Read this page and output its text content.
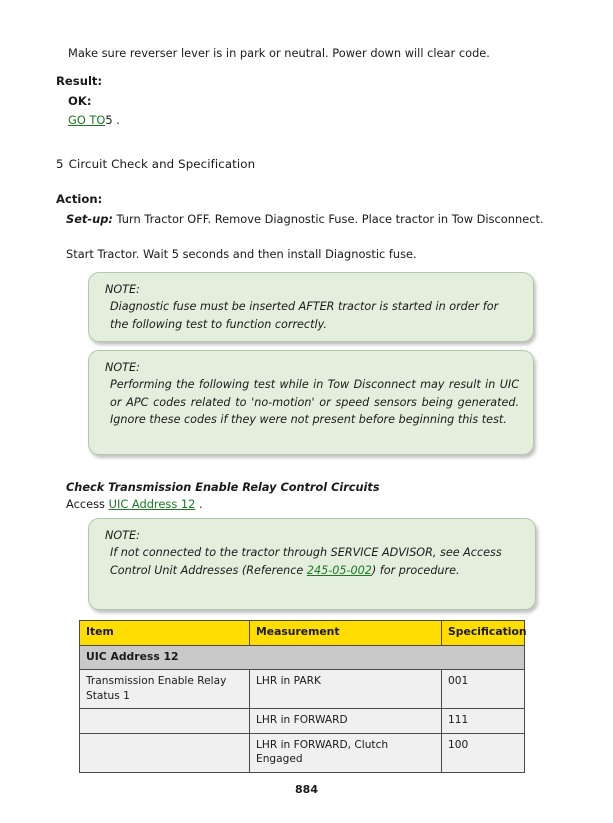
Make sure reverser lever is in park or neutral. Power down will clear code.
Result:
OK:
GO TO5 .
5 Circuit Check and Specification
Action:
Set-up: Turn Tractor OFF. Remove Diagnostic Fuse. Place tractor in Tow Disconnect.
Start Tractor. Wait 5 seconds and then install Diagnostic fuse.
NOTE:
Diagnostic fuse must be inserted AFTER tractor is started in order for the following test to function correctly.
NOTE:
Performing the following test while in Tow Disconnect may result in UIC or APC codes related to 'no-motion' or speed sensors being generated. Ignore these codes if they were not present before beginning this test.
Check Transmission Enable Relay Control Circuits
Access UIC Address 12 .
NOTE:
If not connected to the tractor through SERVICE ADVISOR, see Access Control Unit Addresses (Reference 245-05-002) for procedure.
Item	Measurement	Specification
UIC Address 12		
Transmission Enable Relay Status 1	LHR in PARK	001
	LHR in FORWARD	111
	LHR in FORWARD, Clutch Engaged	100
884
